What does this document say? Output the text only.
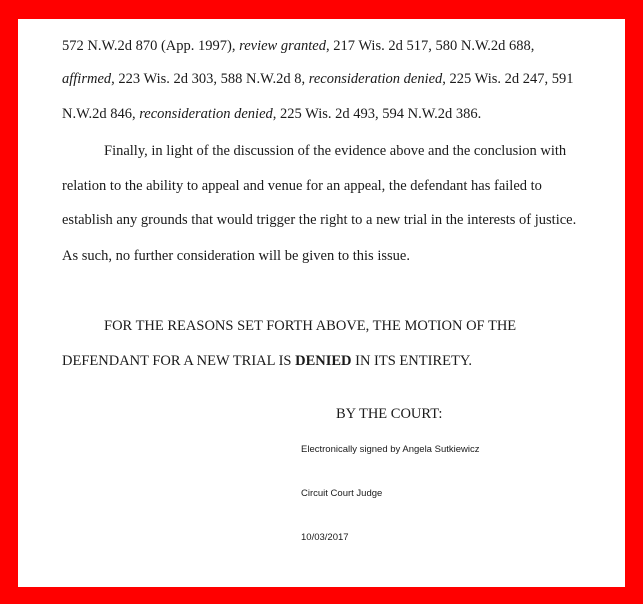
572 N.W.2d 870 (App. 1997), review granted, 217 Wis. 2d 517, 580 N.W.2d 688,
affirmed, 223 Wis. 2d 303, 588 N.W.2d 8, reconsideration denied, 225 Wis. 2d 247, 591
N.W.2d 846, reconsideration denied, 225 Wis. 2d 493, 594 N.W.2d 386.
Finally, in light of the discussion of the evidence above and the conclusion with
relation to the ability to appeal and venue for an appeal, the defendant has failed to
establish any grounds that would trigger the right to a new trial in the interests of justice.
As such, no further consideration will be given to this issue.
FOR THE REASONS SET FORTH ABOVE, THE MOTION OF THE
DEFENDANT FOR A NEW TRIAL IS DENIED IN ITS ENTIRETY.
BY THE COURT:
Electronically signed by Angela Sutkiewicz
Circuit Court Judge
10/03/2017
